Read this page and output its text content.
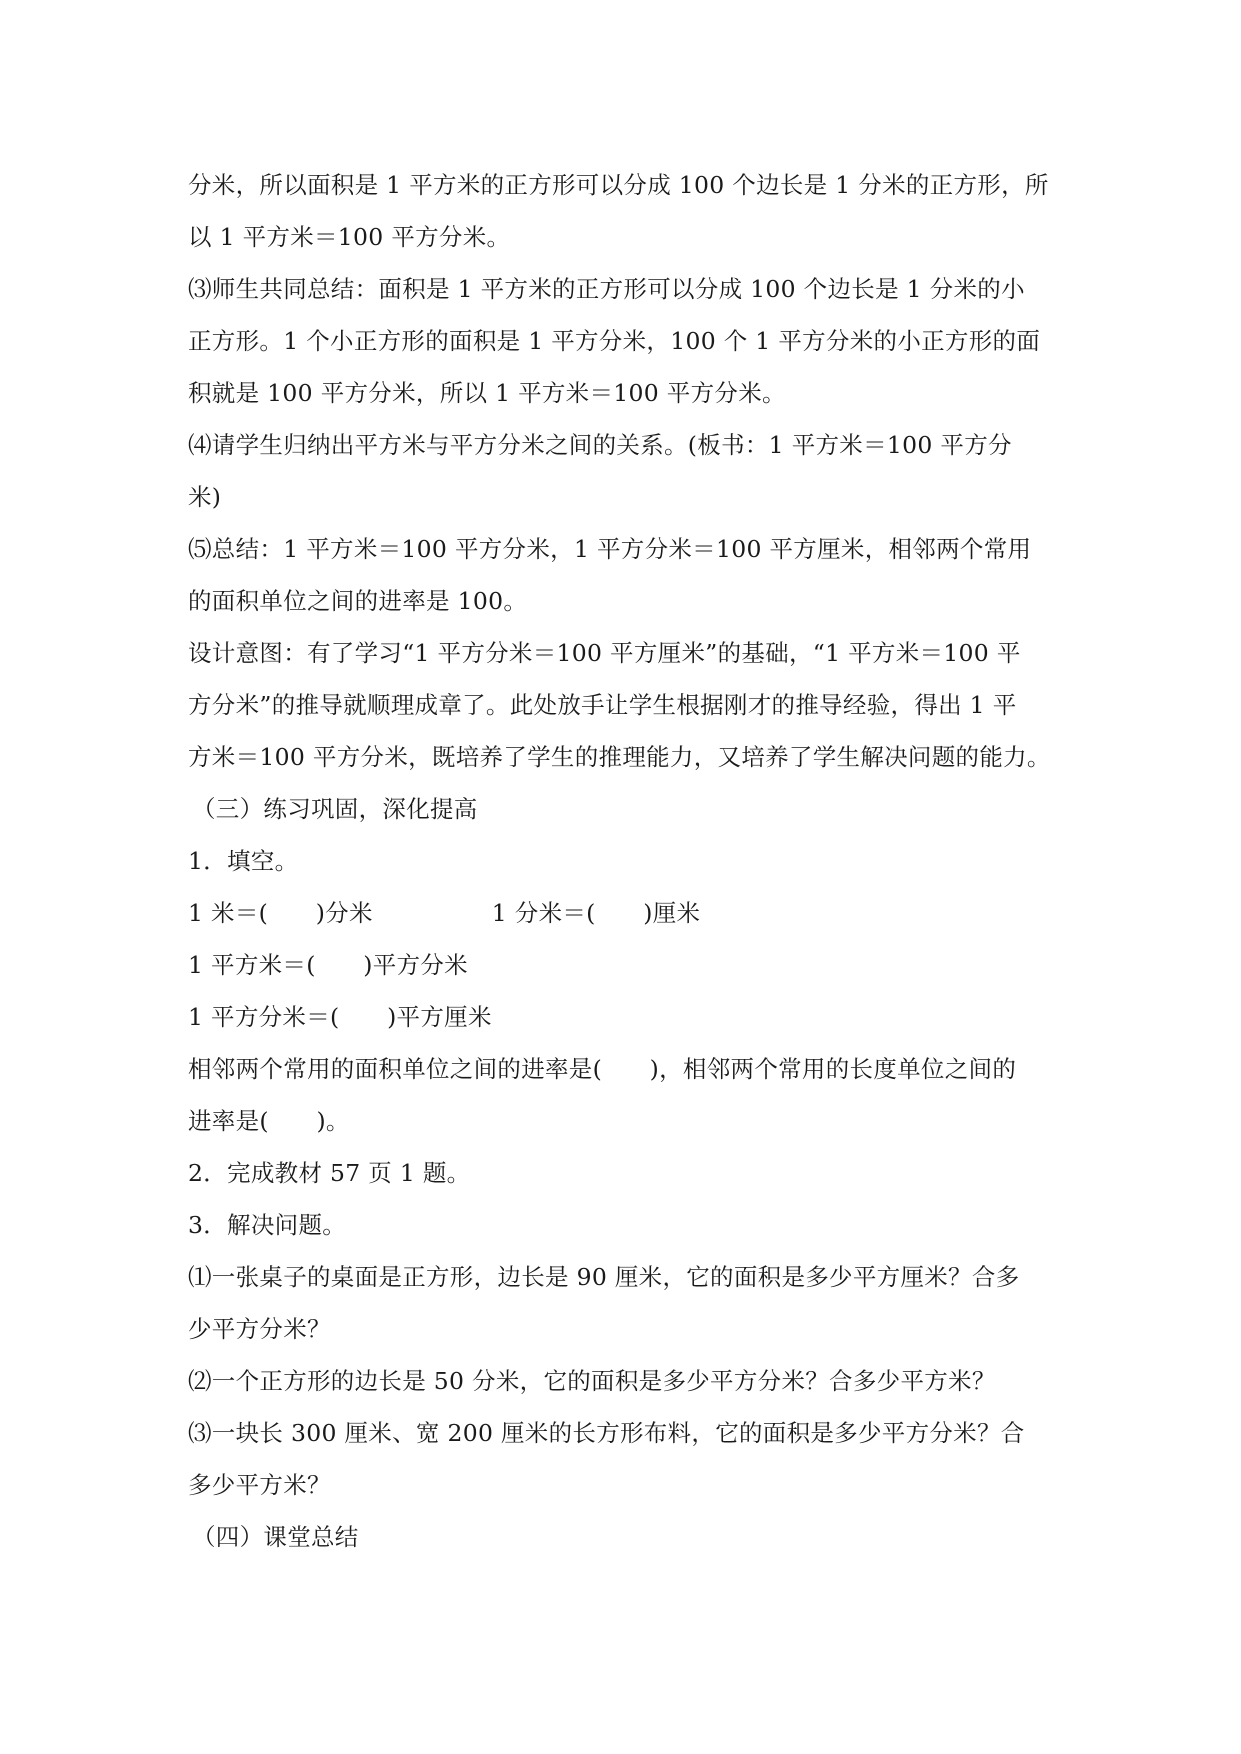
分米，所以面积是 1 平方米的正方形可以分成 100 个边长是 1 分米的正方形，所
以 1 平方米＝100 平方分米。
⑶师生共同总结：面积是 1 平方米的正方形可以分成 100 个边长是 1 分米的小
正方形。1 个小正方形的面积是 1 平方分米，100 个 1 平方分米的小正方形的面
积就是 100 平方分米，所以 1 平方米＝100 平方分米。
⑷请学生归纳出平方米与平方分米之间的关系。(板书：1 平方米＝100 平方分
米)
⑸总结：1 平方米＝100 平方分米，1 平方分米＝100 平方厘米，相邻两个常用
的面积单位之间的进率是 100。
设计意图：有了学习“1 平方分米＝100 平方厘米”的基础，“1 平方米＝100 平
方分米”的推导就顺理成章了。此处放手让学生根据刚才的推导经验，得出 1 平
方米＝100 平方分米，既培养了学生的推理能力，又培养了学生解决问题的能力。
（三）练习巩固，深化提高
1．填空。
1 米＝(　　)分米　　　　　1 分米＝(　　)厘米
1 平方米＝(　　)平方分米
1 平方分米＝(　　)平方厘米
相邻两个常用的面积单位之间的进率是(　　)，相邻两个常用的长度单位之间的
进率是(　　)。
2．完成教材 57 页 1 题。
3．解决问题。
⑴一张桌子的桌面是正方形，边长是 90 厘米，它的面积是多少平方厘米？合多
少平方分米？
⑵一个正方形的边长是 50 分米，它的面积是多少平方分米？合多少平方米？
⑶一块长 300 厘米、宽 200 厘米的长方形布料，它的面积是多少平方分米？合
多少平方米？
（四）课堂总结
